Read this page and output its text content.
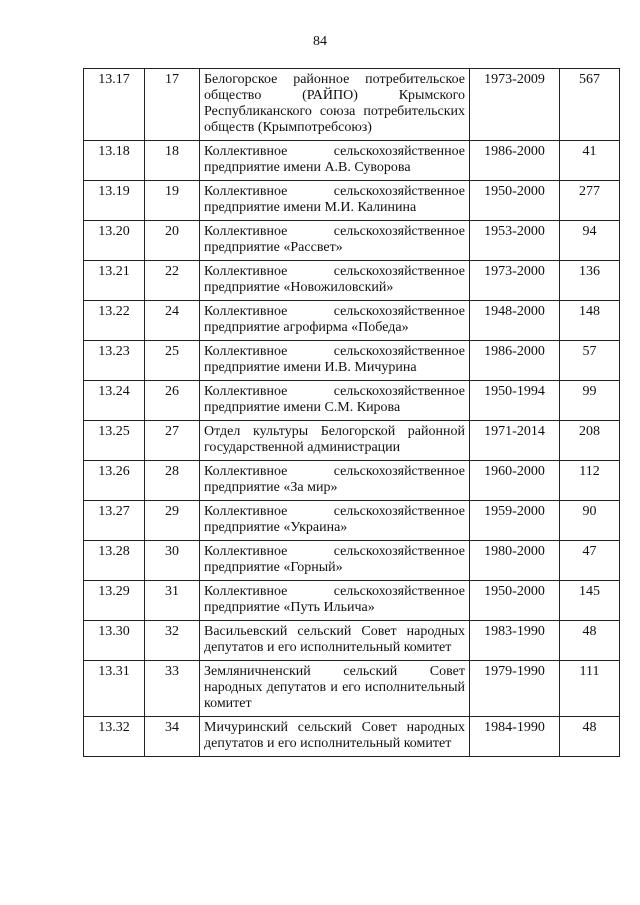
84
13.17	17	Белогорское районное потребительское общество (РАЙПО) Крымского Республиканского союза потребительских обществ (Крымпотребсоюз)	1973-2009	567
13.18	18	Коллективное сельскохозяйственное предприятие имени А.В. Суворова	1986-2000	41
13.19	19	Коллективное сельскохозяйственное предприятие имени М.И. Калинина	1950-2000	277
13.20	20	Коллективное сельскохозяйственное предприятие «Рассвет»	1953-2000	94
13.21	22	Коллективное сельскохозяйственное предприятие «Новожиловский»	1973-2000	136
13.22	24	Коллективное сельскохозяйственное предприятие агрофирма «Победа»	1948-2000	148
13.23	25	Коллективное сельскохозяйственное предприятие имени И.В. Мичурина	1986-2000	57
13.24	26	Коллективное сельскохозяйственное предприятие имени С.М. Кирова	1950-1994	99
13.25	27	Отдел культуры Белогорской районной государственной администрации	1971-2014	208
13.26	28	Коллективное сельскохозяйственное предприятие «За мир»	1960-2000	112
13.27	29	Коллективное сельскохозяйственное предприятие «Украина»	1959-2000	90
13.28	30	Коллективное сельскохозяйственное предприятие «Горный»	1980-2000	47
13.29	31	Коллективное сельскохозяйственное предприятие «Путь Ильича»	1950-2000	145
13.30	32	Васильевский сельский Совет народных депутатов и его исполнительный комитет	1983-1990	48
13.31	33	Земляничненский сельский Совет народных депутатов и его исполнительный комитет	1979-1990	111
13.32	34	Мичуринский сельский Совет народных депутатов и его исполнительный комитет	1984-1990	48
